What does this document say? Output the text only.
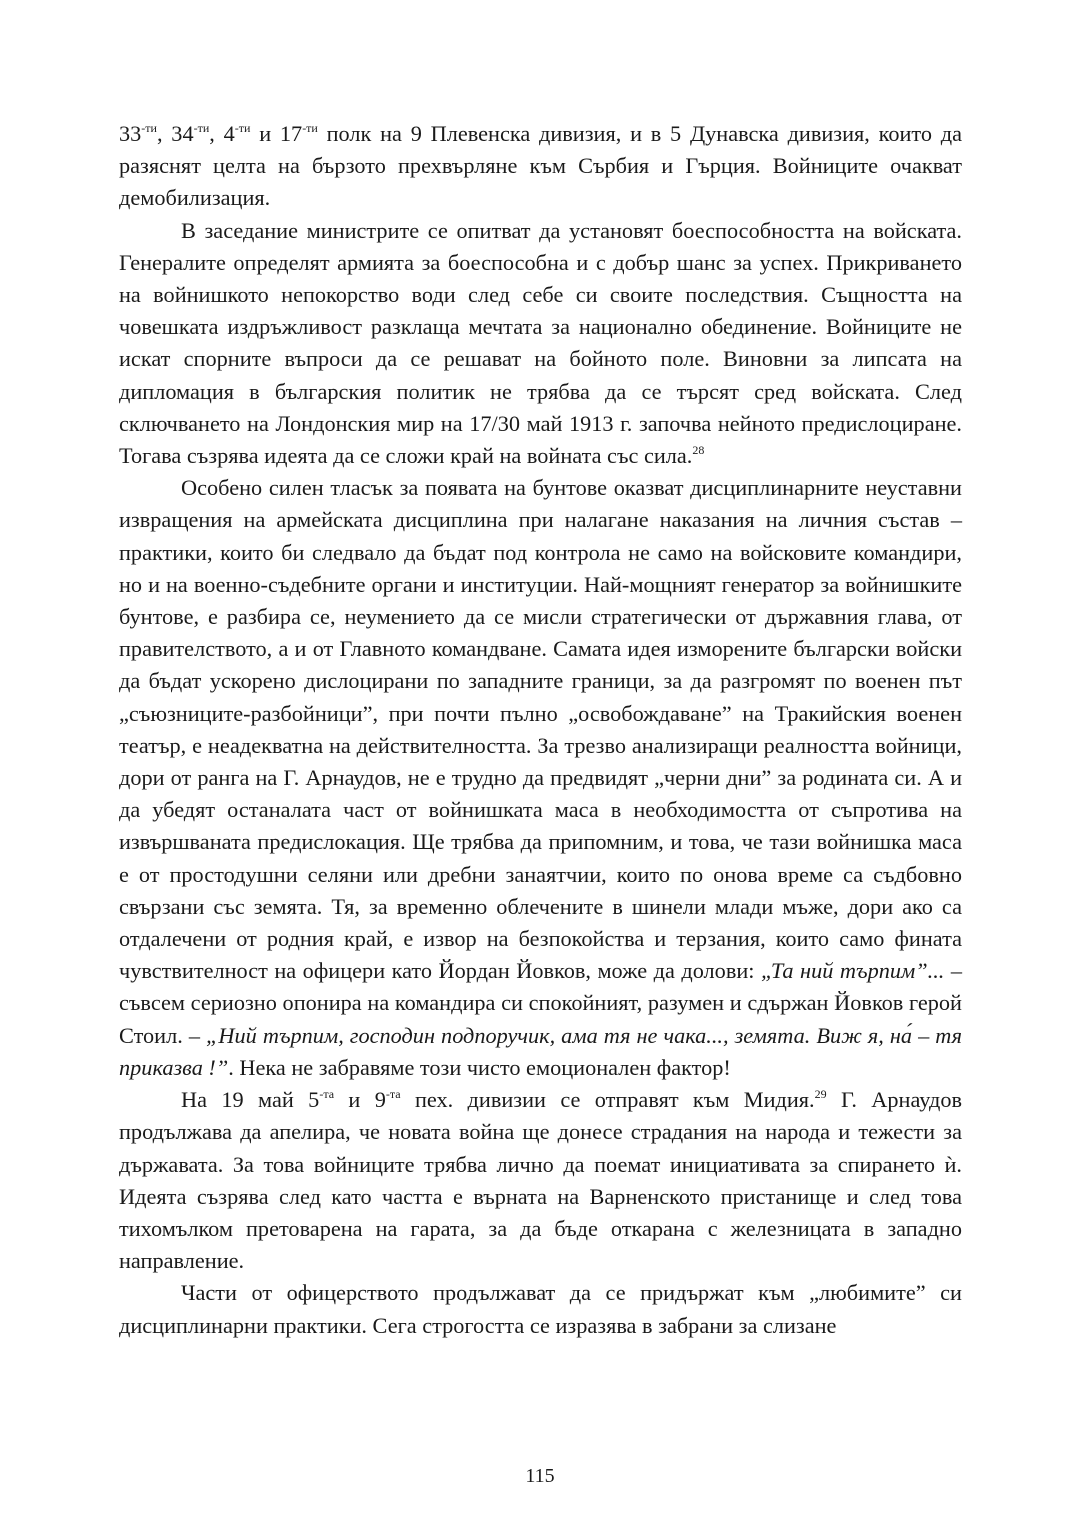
$33^{-ти}$, $34^{-ти}$, $4^{-ти}$ и $17^{-ти}$ полк на 9 Плевенска дивизия, и в 5 Дунавска дивизия, които да разяснят целта на бързото прехвърляне към Сърбия и Гърция. Войниците очакват демобилизация.

В заседание министрите се опитват да установят боеспособността на войската. Генералите определят армията за боеспособна и с добър шанс за успех. Прикриването на войнишкото непокорство води след себе си своите последствия. Същността на човешката издръжливост разклаща мечтата за национално обединение. Войниците не искат спорните въпроси да се решават на бойното поле. Виновни за липсата на дипломация в българския политик не трябва да се търсят сред войската. След сключването на Лондонския мир на 17/30 май 1913 г. започва нейното предислоциране. Тогава съзрява идеята да се сложи край на войната със сила.$^{28}$

Особено силен тласък за появата на бунтове оказват дисциплинарните неуставни извращения на армейската дисциплина при налагане наказания на личния състав – практики, които би следвало да бъдат под контрола не само на войсковите командири, но и на военно-съдебните органи и институции. Най-мощният генератор за войнишките бунтове, е разбира се, неумението да се мисли стратегически от държавния глава, от правителството, а и от Главното командване. Самата идея изморените български войски да бъдат ускорено дислоцирани по западните граници, за да разгромят по военен път „съюзниците-разбойници”, при почти пълно „освобождаване” на Тракийския военен театър, е неадекватна на действителността. За трезво анализиращи реалността войници, дори от ранга на Г. Арнаудов, не е трудно да предвидят „черни дни” за родината си. А и да убедят останалата част от войнишката маса в необходимостта от съпротива на извършваната предислокация. Ще трябва да припомним, и това, че тази войнишка маса е от простодушни селяни или дребни занаятчии, които по онова време са съдбовно свързани със земята. Тя, за временно облечените в шинели млади мъже, дори ако са отдалечени от родния край, е извор на безпокойства и терзания, които само фината чувствителност на офицери като Йордан Йовков, може да долови: „Та ний търпим”... – съвсем сериозно опонира на командира си спокойният, разумен и сдържан Йовков герой Стоил. – „Ний търпим, господин подпоручик, ама тя не чака..., земята. Виж я, на́ – тя приказва !”. Нека не забравяме този чисто емоционален фактор!

На 19 май $5^{-та}$ и $9^{-та}$ пех. дивизии се отправят към Мидия.$^{29}$ Г. Арнаудов продължава да апелира, че новата война ще донесе страдания на народа и тежести за държавата. За това войниците трябва лично да поемат инициативата за спирането ѝ. Идеята съзрява след като частта е върната на Варненското пристанище и след това тихомълком претоварена на гарата, за да бъде откарана с железницата в западно направление.

Части от офицерството продължават да се придържат към „любимите” си дисциплинарни практики. Сега строгостта се изразява в забрани за слизане

115
